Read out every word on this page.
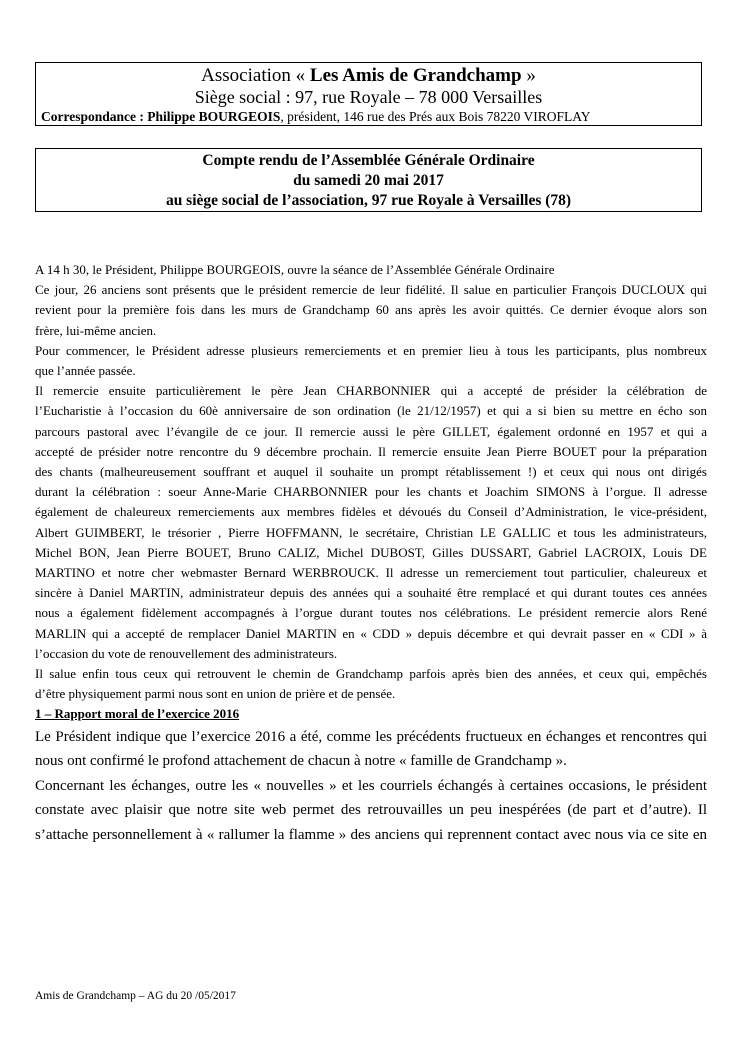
Association « Les Amis de Grandchamp »
Siège social : 97, rue Royale – 78 000 Versailles
Correspondance : Philippe BOURGEOIS, président, 146 rue des Prés aux Bois 78220 VIROFLAY
Compte rendu de l’Assemblée Générale Ordinaire
du samedi 20 mai 2017
au siège social de l’association, 97 rue Royale à Versailles (78)

A 14 h 30, le Président, Philippe BOURGEOIS, ouvre la séance de l’Assemblée Générale Ordinaire

Ce jour, 26 anciens sont présents que le président remercie de leur fidélité. Il salue en particulier François DUCLOUX qui
revient pour la première fois dans les murs de Grandchamp 60 ans après les avoir quittés. Ce dernier évoque alors son
frère, lui-même ancien.

Pour commencer, le Président adresse plusieurs remerciements et en premier lieu à tous les participants, plus nombreux
que l’année passée.

Il remercie ensuite particulièrement le père Jean CHARBONNIER qui a accepté de présider la célébration de
l’Eucharistie à l’occasion du 60è anniversaire de son ordination (le 21/12/1957) et qui a si bien su mettre en écho son
parcours pastoral avec l’évangile de ce jour. Il remercie aussi le père GILLET, également ordonné en 1957 et qui a
accepté de présider notre rencontre du 9 décembre prochain. Il remercie ensuite Jean Pierre BOUET pour la préparation
des chants (malheureusement souffrant et auquel il souhaite un prompt rétablissement !) et ceux qui nous ont dirigés
durant la célébration : soeur Anne-Marie CHARBONNIER pour les chants et Joachim SIMONS à l’orgue. Il adresse
également de chaleureux remerciements aux membres fidèles et dévoués du Conseil d’Administration, le vice-président,
Albert GUIMBERT, le trésorier , Pierre HOFFMANN, le secrétaire, Christian LE GALLIC et tous les administrateurs,
Michel BON, Jean Pierre BOUET, Bruno CALIZ, Michel DUBOST, Gilles DUSSART, Gabriel LACROIX, Louis DE
MARTINO et notre cher webmaster Bernard WERBROUCK. Il adresse un remerciement tout particulier, chaleureux et
sincère à Daniel MARTIN, administrateur depuis des années qui a souhaité être remplacé et qui durant toutes ces années
nous a également fidèlement accompagnés à l’orgue durant toutes nos célébrations. Le président remercie alors René
MARLIN qui a accepté de remplacer Daniel MARTIN en « CDD » depuis décembre et qui devrait passer en « CDI » à
l’occasion du vote de renouvellement des administrateurs.

Il salue enfin tous ceux qui retrouvent le chemin de Grandchamp parfois après bien des années, et ceux qui, empêchés
d’être physiquement parmi nous sont en union de prière et de pensée.

1 – Rapport moral de l’exercice 2016

Le Président indique que l’exercice 2016 a été, comme les précédents fructueux en échanges et rencontres qui
nous ont confirmé le profond attachement de chacun à notre « famille de Grandchamp ».

Concernant les échanges, outre les « nouvelles » et les courriels échangés à certaines occasions, le président
constate avec plaisir que notre site web permet des retrouvailles un peu inespérées (de part et d’autre). Il
s’attache personnellement à « rallumer la flamme » des anciens qui reprennent contact avec nous via ce site en

Amis de Grandchamp – AG du 20 /05/2017
